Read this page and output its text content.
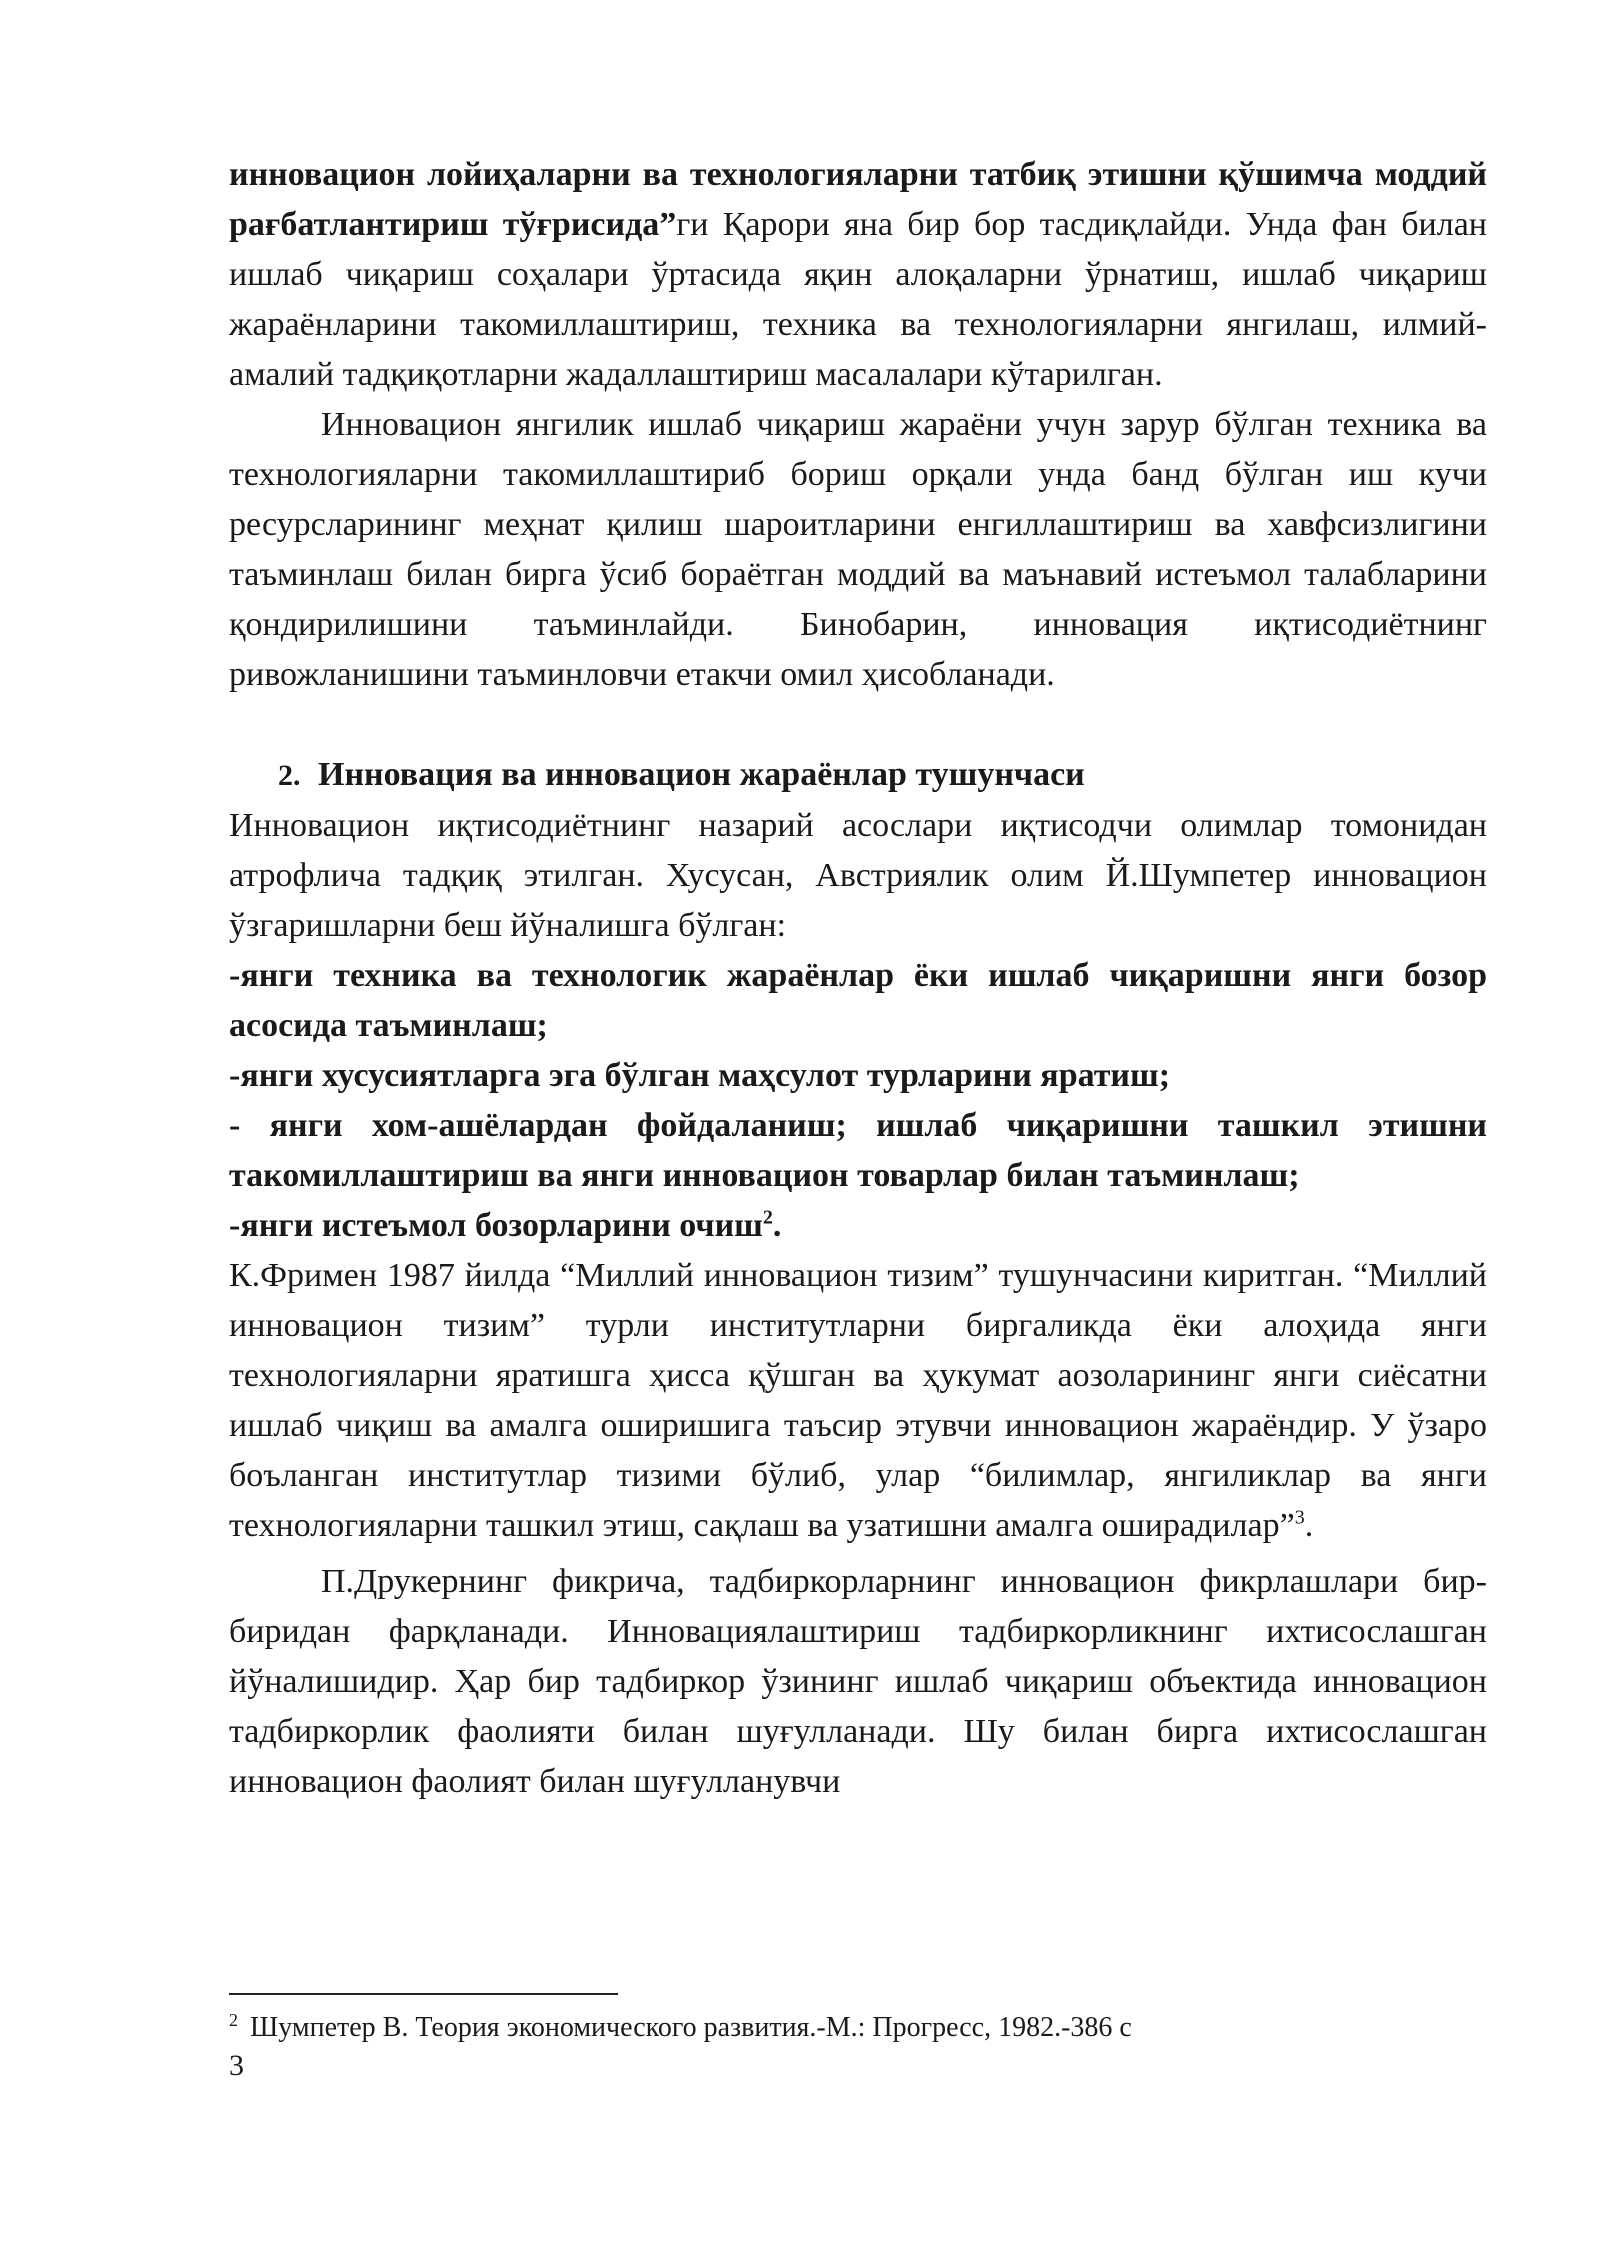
инновацион лойиҳаларни ва технологияларни татбиқ этишни қўшимча моддий рағбатлантириш тўғрисида”ги Қарори яна бир бор тасдиқлайди. Унда фан билан ишлаб чиқариш соҳалари ўртасида яқин алоқаларни ўрнатиш, ишлаб чиқариш жараёнларини такомиллаштириш, техника ва технологияларни янгилаш, илмий-амалий тадқиқотларни жадаллаштириш масалалари кўтарилган.

Инновацион янгилик ишлаб чиқариш жараёни учун зарур бўлган техника ва технологияларни такомиллаштириб бориш орқали унда банд бўлган иш кучи ресурсларининг меҳнат қилиш шароитларини енгиллаштириш ва хавфсизлигини таъминлаш билан бирга ўсиб бораётган моддий ва маънавий истеъмол талабларини қондирилишини таъминлайди. Бинобарин, инновация иқтисодиётнинг ривожланишини таъминловчи етакчи омил ҳисобланади.

2. Инновация ва инновацион жараёнлар тушунчаси

Инновацион иқтисодиётнинг назарий асослари иқтисодчи олимлар томонидан атрофлича тадқиқ этилган. Хусусан, Австриялик олим Й.Шумпетер инновацион ўзгаришларни беш йўналишга бўлган:

-янги техника ва технологик жараёнлар ёки ишлаб чиқаришни янги бозор асосида таъминлаш;

-янги хусусиятларга эга бўлган маҳсулот турларини яратиш;

- янги хом-ашёлардан фойдаланиш; ишлаб чиқаришни ташкил этишни такомиллаштириш ва янги инновацион товарлар билан таъминлаш;

-янги истеъмол бозорларини очиш$^2$.

К.Фримен 1987 йилда “Миллий инновацион тизим” тушунчасини киритган. “Миллий инновацион тизим” турли институтларни биргаликда ёки алоҳида янги технологияларни яратишга ҳисса қўшган ва ҳукумат аозоларининг янги сиёсатни ишлаб чиқиш ва амалга оширишига таъсир этувчи инновацион жараёндир. У ўзаро боъланган институтлар тизими бўлиб, улар “билимлар, янгиликлар ва янги технологияларни ташкил этиш, сақлаш ва узатишни амалга оширадилар”$^3$.

П.Друкернинг фикрича, тадбиркорларнинг инновацион фикрлашлари бир-биридан фарқланади. Инновациялаштириш тадбиркорликнинг ихтисослашган йўналишидир. Ҳар бир тадбиркор ўзининг ишлаб чиқариш объектида инновацион тадбиркорлик фаолияти билан шуғулланади. Шу билан бирга ихтисослашган инновацион фаолият билан шуғулланувчи

$^2$ Шумпетер В. Теория экономического развития.-М.: Прогресс, 1982.-386 с
3
